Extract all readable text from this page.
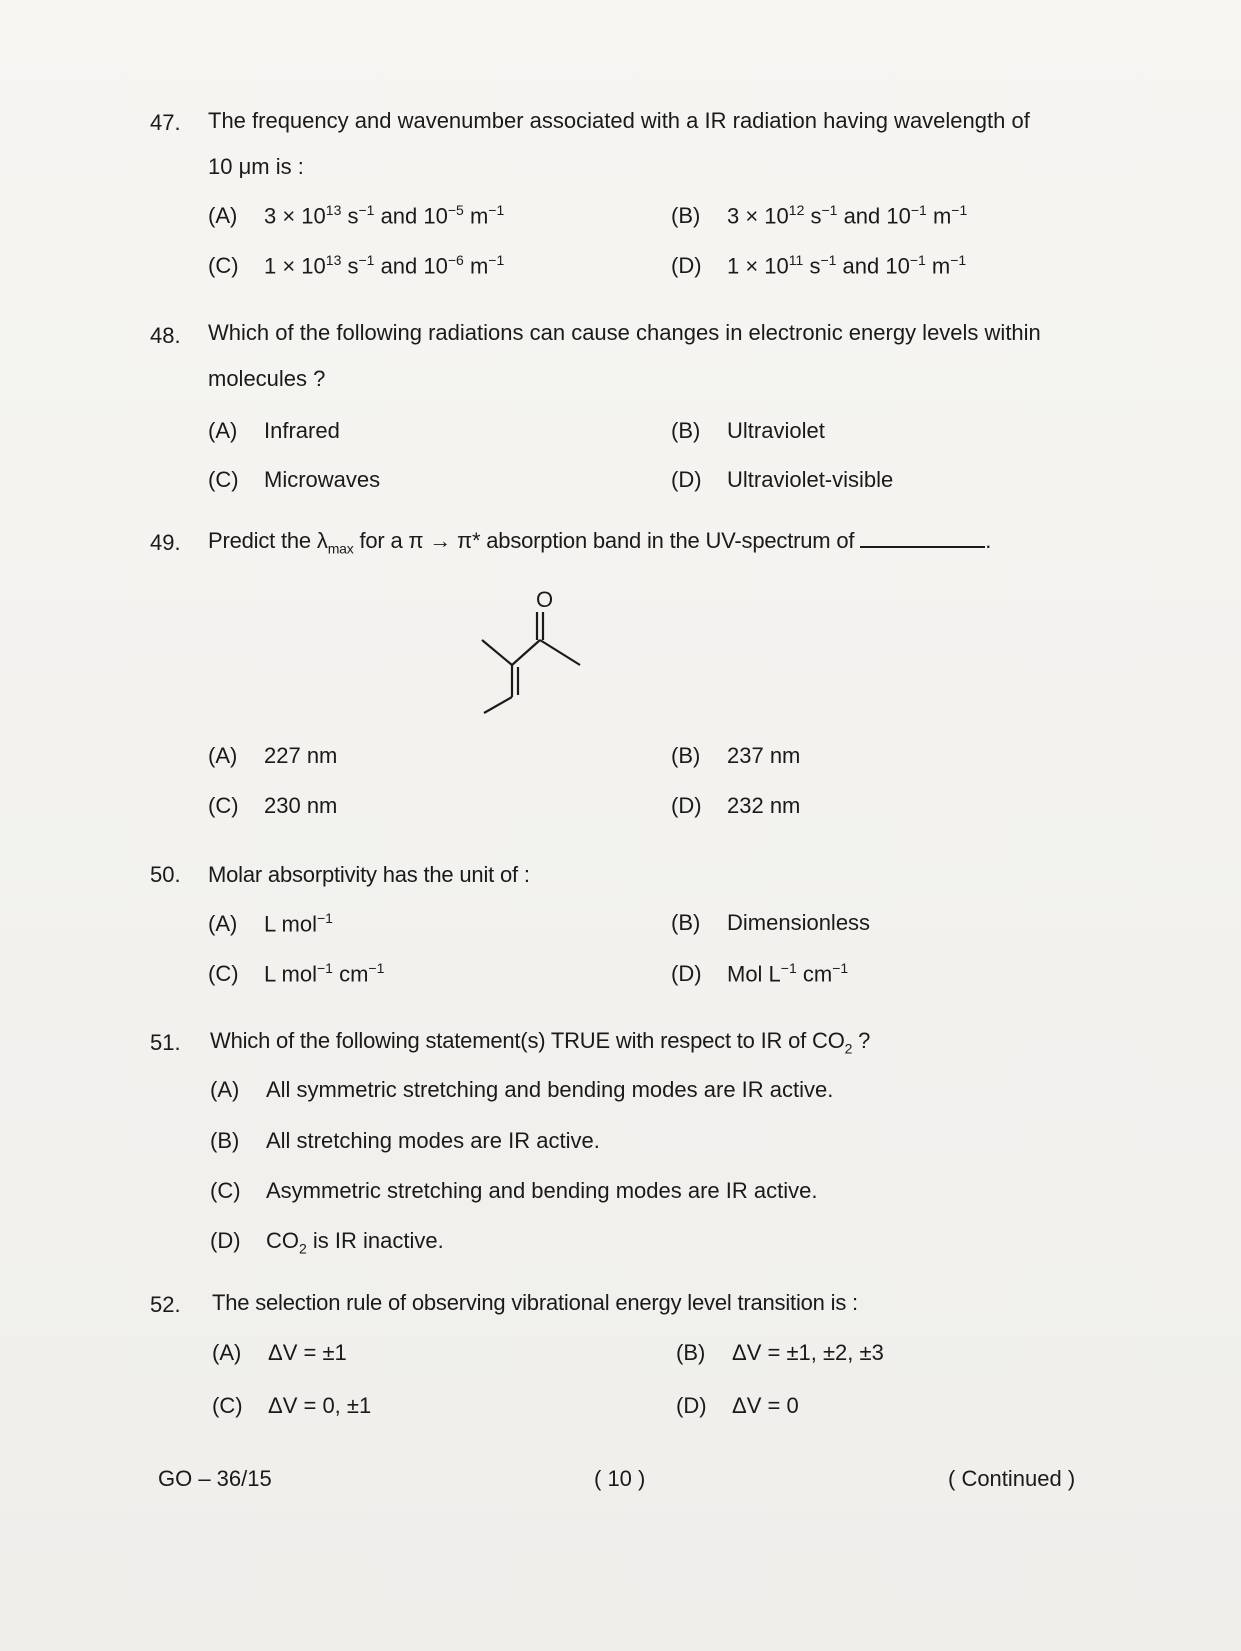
47. The frequency and wavenumber associated with a IR radiation having wavelength of
10 μm is :
(A) $3 \times 10^{13}$ $s^{-1}$ and $10^{-5}$ $m^{-1}$	(B) $3 \times 10^{12}$ $s^{-1}$ and $10^{-1}$ $m^{-1}$
(C) $1 \times 10^{13}$ $s^{-1}$ and $10^{-6}$ $m^{-1}$	(D) $1 \times 10^{11}$ $s^{-1}$ and $10^{-1}$ $m^{-1}$
48. Which of the following radiations can cause changes in electronic energy levels within
molecules ?
(A) Infrared	(B) Ultraviolet
(C) Microwaves	(D) Ultraviolet-visible
49. Predict the $\lambda_{max}$ for a π → π* absorption band in the UV-spectrum of	.
O
(A) 227 nm	(B) 237 nm
(C) 230 nm	(D) 232 nm
50. Molar absorptivity has the unit of :
(A) L mol$^{-1}$	(B) Dimensionless
(C) L mol$^{-1}$ $cm^{-1}$	(D) Mol $L^{-1}$ $cm^{-1}$
51. Which of the following statement(s) TRUE with respect to IR of $CO_2$ ?
(A) All symmetric stretching and bending modes are IR active.
(B) All stretching modes are IR active.
(C) Asymmetric stretching and bending modes are IR active.
(D) $CO_2$ is IR inactive.
52. The selection rule of observing vibrational energy level transition is :
(A) ΔV = ±1	(B) ΔV = ±1, ±2, ±3
(C) ΔV = 0, ±1	(D) ΔV = 0
GO – 36/15	( 10 )	( Continued )
